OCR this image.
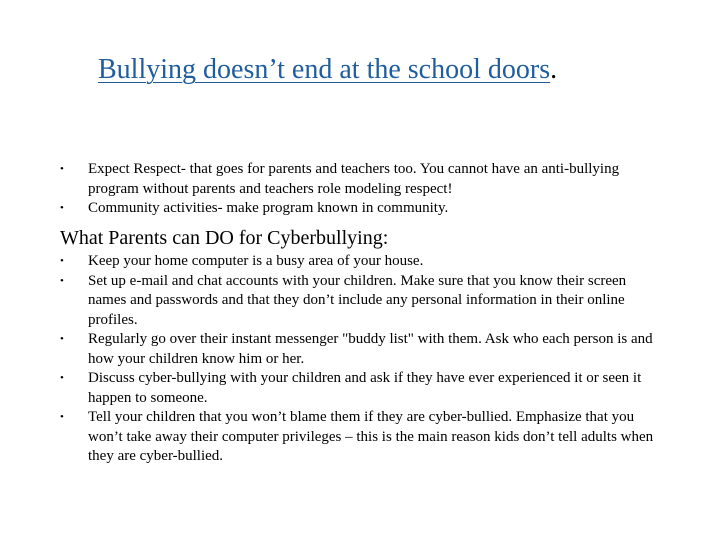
Bullying doesn’t end at the school doors.
• Expect Respect- that goes for parents and teachers too. You cannot have an anti-bullying program without parents and teachers role modeling respect!
• Community activities- make program known in community.
What Parents can DO for Cyberbullying:
• Keep your home computer is a busy area of your house.
• Set up e-mail and chat accounts with your children. Make sure that you know their screen names and passwords and that they don’t include any personal information in their online profiles.
• Regularly go over their instant messenger "buddy list" with them. Ask who each person is and how your children know him or her.
• Discuss cyber-bullying with your children and ask if they have ever experienced it or seen it happen to someone.
• Tell your children that you won’t blame them if they are cyber-bullied. Emphasize that you won’t take away their computer privileges – this is the main reason kids don’t tell adults when they are cyber-bullied.
